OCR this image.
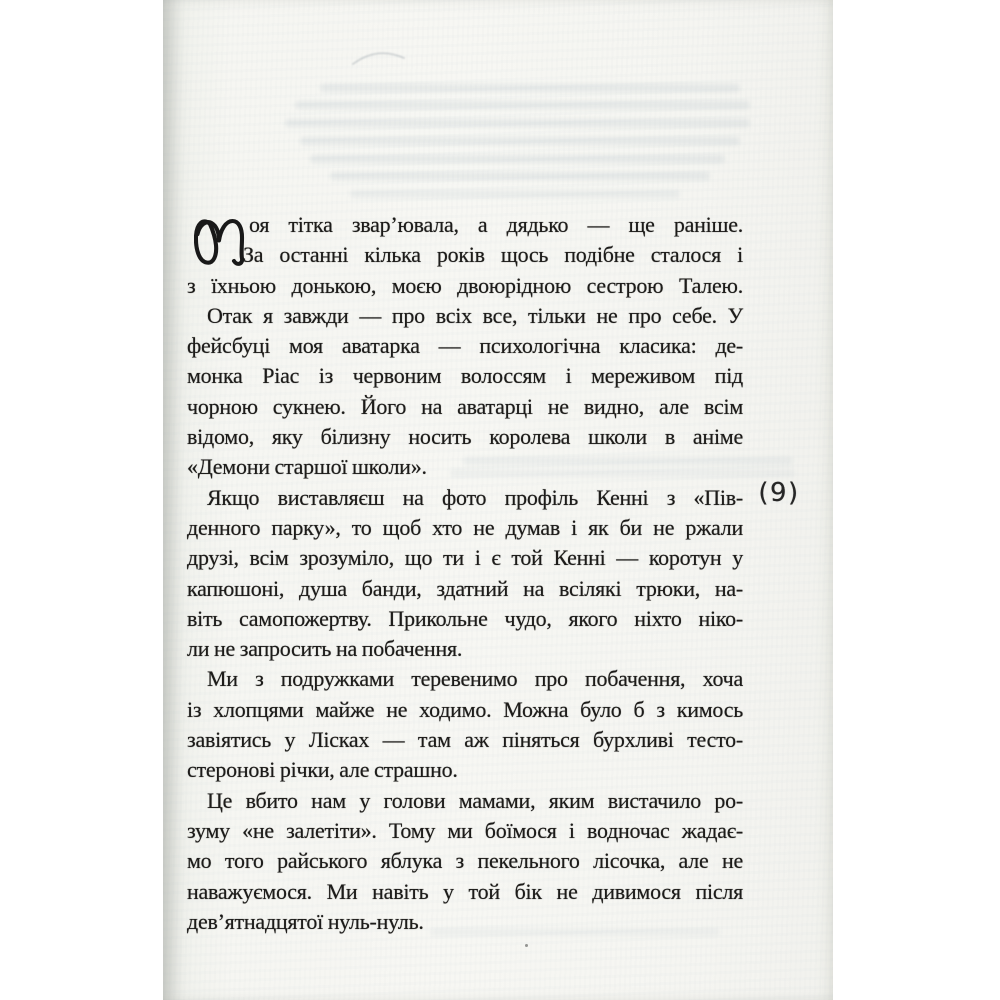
оя тітка звар’ювала, а дядько — ще раніше.
За останні кілька років щось подібне сталося і
з їхньою донькою, моєю двоюрідною сестрою Талею.
Отак я завжди — про всіх все, тільки не про себе. У
фейсбуці моя аватарка — психологічна класика: де-
монка Ріас із червоним волоссям і мереживом під
чорною сукнею. Його на аватарці не видно, але всім
відомо, яку білизну носить королева школи в аніме
«Демони старшої школи».
Якщо виставляєш на фото профіль Кенні з «Пів-
денного парку», то щоб хто не думав і як би не ржали
друзі, всім зрозуміло, що ти і є той Кенні — коротун у
капюшоні, душа банди, здатний на всілякі трюки, на-
віть самопожертву. Прикольне чудо, якого ніхто ніко-
ли не запросить на побачення.
Ми з подружками теревенимо про побачення, хоча
із хлопцями майже не ходимо. Можна було б з кимось
завіятись у Лісках — там аж піняться бурхливі тесто-
стеронові річки, але страшно.
Це вбито нам у голови мамами, яким вистачило ро-
зуму «не залетіти». Тому ми боїмося і водночас жадає-
мо того райського яблука з пекельного лісочка, але не
наважуємося. Ми навіть у той бік не дивимося після
дев’ятнадцятої нуль-нуль.
(9)
